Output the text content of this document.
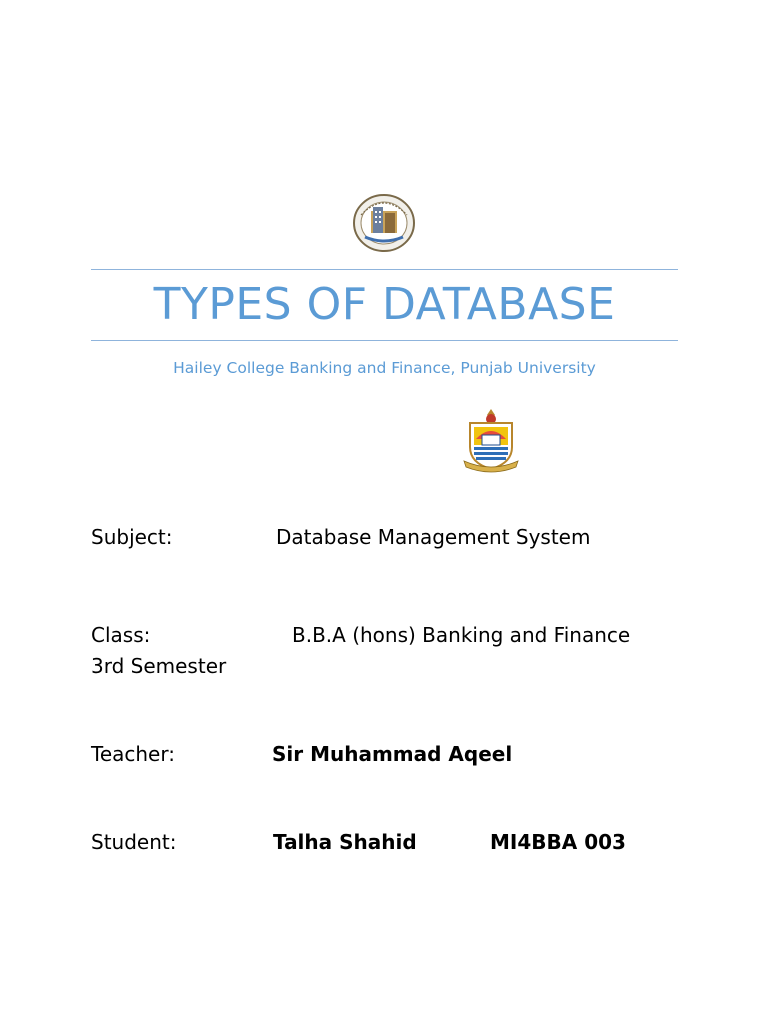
TYPES OF DATABASE
Hailey College Banking and Finance, Punjab University
Subject:	Database Management System
Class:	B.B.A (hons) Banking and Finance
3rd Semester
Teacher:	Sir Muhammad Aqeel
Student:	Talha Shahid	MI4BBA 003
